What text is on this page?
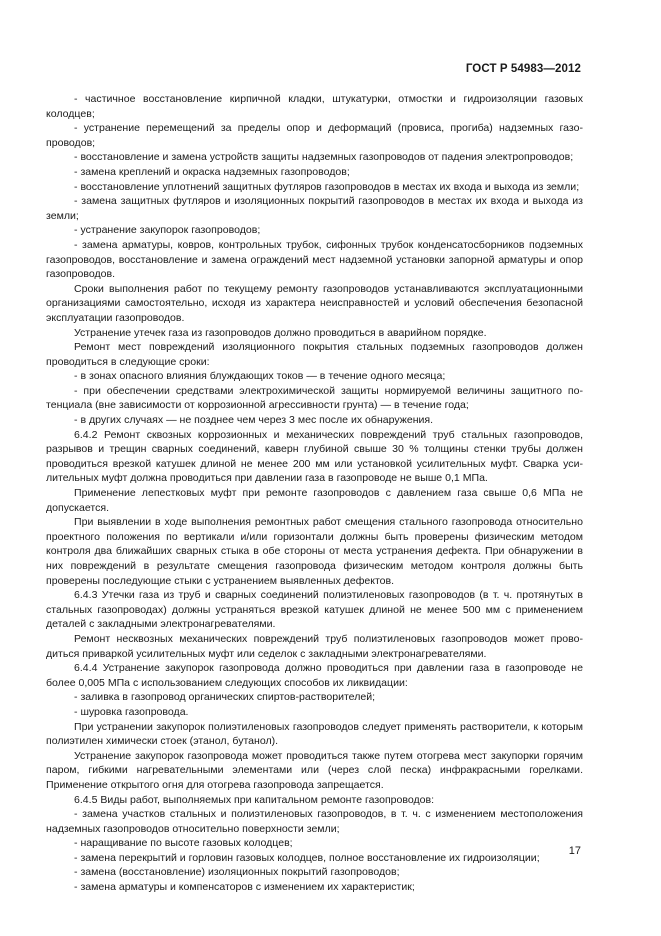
ГОСТ Р 54983—2012

- частичное восстановление кирпичной кладки, штукатурки, отмостки и гидроизоляции газовых колодцев;

- устранение перемещений за пределы опор и деформаций (провиса, прогиба) надземных газопроводов;

- восстановление и замена устройств защиты надземных газопроводов от падения электропроводов;

- замена креплений и окраска надземных газопроводов;

- восстановление уплотнений защитных футляров газопроводов в местах их входа и выхода из земли;

- замена защитных футляров и изоляционных покрытий газопроводов в местах их входа и выхода из земли;

- устранение закупорок газопроводов;

- замена арматуры, ковров, контрольных трубок, сифонных трубок конденсатосборников подземных газопроводов, восстановление и замена ограждений мест надземной установки запорной арматуры и опор газопроводов.

Сроки выполнения работ по текущему ремонту газопроводов устанавливаются эксплуатационными организациями самостоятельно, исходя из характера неисправностей и условий обеспечения безопасной эксплуатации газопроводов.

Устранение утечек газа из газопроводов должно проводиться в аварийном порядке.

Ремонт мест повреждений изоляционного покрытия стальных подземных газопроводов должен проводиться в следующие сроки:

- в зонах опасного влияния блуждающих токов — в течение одного месяца;

- при обеспечении средствами электрохимической защиты нормируемой величины защитного потенциала (вне зависимости от коррозионной агрессивности грунта) — в течение года;

- в других случаях — не позднее чем через 3 мес после их обнаружения.

6.4.2 Ремонт сквозных коррозионных и механических повреждений труб стальных газопроводов, разрывов и трещин сварных соединений, каверн глубиной свыше 30 % толщины стенки трубы должен проводиться врезкой катушек длиной не менее 200 мм или установкой усилительных муфт. Сварка усилительных муфт должна проводиться при давлении газа в газопроводе не выше 0,1 МПа.

Применение лепестковых муфт при ремонте газопроводов с давлением газа свыше 0,6 МПа не допускается.

При выявлении в ходе выполнения ремонтных работ смещения стального газопровода относительно проектного положения по вертикали и/или горизонтали должны быть проверены физическим методом контроля два ближайших сварных стыка в обе стороны от места устранения дефекта. При обнаружении в них повреждений в результате смещения газопровода физическим методом контроля должны быть проверены последующие стыки с устранением выявленных дефектов.

6.4.3 Утечки газа из труб и сварных соединений полиэтиленовых газопроводов (в т. ч. протянутых в стальных газопроводах) должны устраняться врезкой катушек длиной не менее 500 мм с применением деталей с закладными электронагревателями.

Ремонт несквозных механических повреждений труб полиэтиленовых газопроводов может проводиться приваркой усилительных муфт или седелок с закладными электронагревателями.

6.4.4 Устранение закупорок газопровода должно проводиться при давлении газа в газопроводе не более 0,005 МПа с использованием следующих способов их ликвидации:

- заливка в газопровод органических спиртов-растворителей;

- шуровка газопровода.

При устранении закупорок полиэтиленовых газопроводов следует применять растворители, к которым полиэтилен химически стоек (этанол, бутанол).

Устранение закупорок газопровода может проводиться также путем отогрева мест закупорки горячим паром, гибкими нагревательными элементами или (через слой песка) инфракрасными горелками. Применение открытого огня для отогрева газопровода запрещается.

6.4.5 Виды работ, выполняемых при капитальном ремонте газопроводов:

- замена участков стальных и полиэтиленовых газопроводов, в т. ч. с изменением местоположения надземных газопроводов относительно поверхности земли;

- наращивание по высоте газовых колодцев;

- замена перекрытий и горловин газовых колодцев, полное восстановление их гидроизоляции;

- замена (восстановление) изоляционных покрытий газопроводов;

- замена арматуры и компенсаторов с изменением их характеристик;

17
